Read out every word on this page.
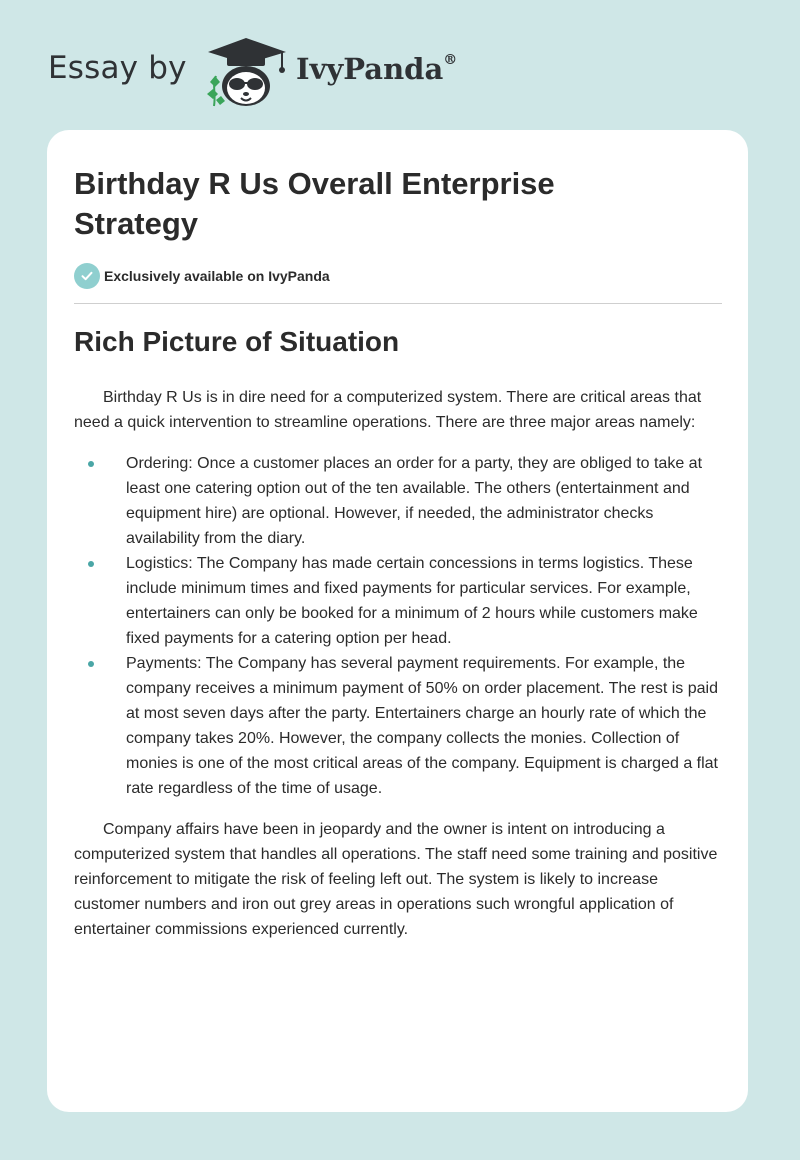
Essay by	IvyPanda®
Birthday R Us Overall Enterprise Strategy
Exclusively available on IvyPanda
Rich Picture of Situation

Birthday R Us is in dire need for a computerized system. There are critical areas that need a quick intervention to streamline operations. There are three major areas namely:

Ordering: Once a customer places an order for a party, they are obliged to take at least one catering option out of the ten available. The others (entertainment and equipment hire) are optional. However, if needed, the administrator checks availability from the diary.
Logistics: The Company has made certain concessions in terms logistics. These include minimum times and fixed payments for particular services. For example, entertainers can only be booked for a minimum of 2 hours while customers make fixed payments for a catering option per head.
Payments: The Company has several payment requirements. For example, the company receives a minimum payment of 50% on order placement. The rest is paid at most seven days after the party. Entertainers charge an hourly rate of which the company takes 20%. However, the company collects the monies. Collection of monies is one of the most critical areas of the company. Equipment is charged a flat rate regardless of the time of usage.

Company affairs have been in jeopardy and the owner is intent on introducing a computerized system that handles all operations. The staff need some training and positive reinforcement to mitigate the risk of feeling left out. The system is likely to increase customer numbers and iron out grey areas in operations such wrongful application of entertainer commissions experienced currently.
